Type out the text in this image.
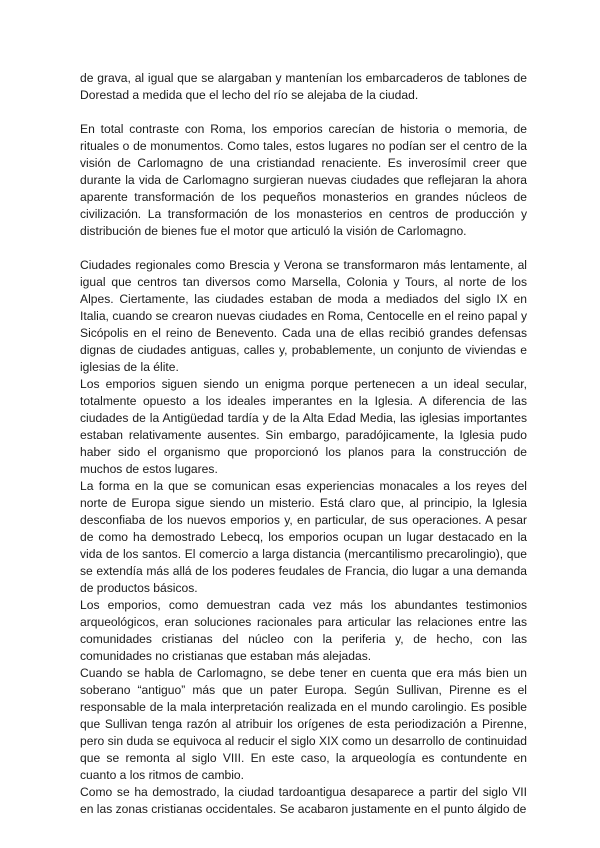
de grava, al igual que se alargaban y mantenían los embarcaderos de tablones de Dorestad a medida que el lecho del río se alejaba de la ciudad.

En total contraste con Roma, los emporios carecían de historia o memoria, de rituales o de monumentos. Como tales, estos lugares no podían ser el centro de la visión de Carlomagno de una cristiandad renaciente. Es inverosímil creer que durante la vida de Carlomagno surgieran nuevas ciudades que reflejaran la ahora aparente transformación de los pequeños monasterios en grandes núcleos de civilización. La transformación de los monasterios en centros de producción y distribución de bienes fue el motor que articuló la visión de Carlomagno.

Ciudades regionales como Brescia y Verona se transformaron más lentamente, al igual que centros tan diversos como Marsella, Colonia y Tours, al norte de los Alpes. Ciertamente, las ciudades estaban de moda a mediados del siglo IX en Italia, cuando se crearon nuevas ciudades en Roma, Centocelle en el reino papal y Sicópolis en el reino de Benevento. Cada una de ellas recibió grandes defensas dignas de ciudades antiguas, calles y, probablemente, un conjunto de viviendas e iglesias de la élite.

Los emporios siguen siendo un enigma porque pertenecen a un ideal secular, totalmente opuesto a los ideales imperantes en la Iglesia. A diferencia de las ciudades de la Antigüedad tardía y de la Alta Edad Media, las iglesias importantes estaban relativamente ausentes. Sin embargo, paradójicamente, la Iglesia pudo haber sido el organismo que proporcionó los planos para la construcción de muchos de estos lugares.

La forma en la que se comunican esas experiencias monacales a los reyes del norte de Europa sigue siendo un misterio. Está claro que, al principio, la Iglesia desconfiaba de los nuevos emporios y, en particular, de sus operaciones. A pesar de como ha demostrado Lebecq, los emporios ocupan un lugar destacado en la vida de los santos. El comercio a larga distancia (mercantilismo precarolingio), que se extendía más allá de los poderes feudales de Francia, dio lugar a una demanda de productos básicos.

Los emporios, como demuestran cada vez más los abundantes testimonios arqueológicos, eran soluciones racionales para articular las relaciones entre las comunidades cristianas del núcleo con la periferia y, de hecho, con las comunidades no cristianas que estaban más alejadas.

Cuando se habla de Carlomagno, se debe tener en cuenta que era más bien un soberano “antiguo” más que un pater Europa. Según Sullivan, Pirenne es el responsable de la mala interpretación realizada en el mundo carolingio. Es posible que Sullivan tenga razón al atribuir los orígenes de esta periodización a Pirenne, pero sin duda se equivoca al reducir el siglo XIX como un desarrollo de continuidad que se remonta al siglo VIII. En este caso, la arqueología es contundente en cuanto a los ritmos de cambio.

Como se ha demostrado, la ciudad tardoantigua desaparece a partir del siglo VII en las zonas cristianas occidentales. Se acabaron justamente en el punto álgido de
